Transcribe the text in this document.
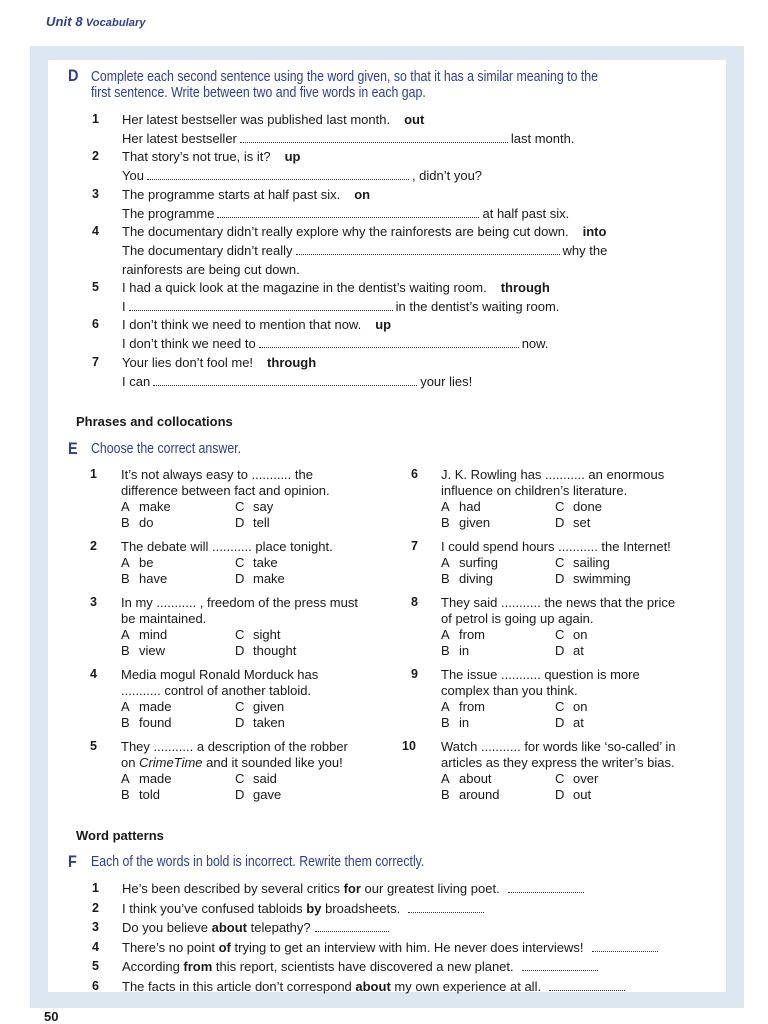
Unit 8 Vocabulary
D Complete each second sentence using the word given, so that it has a similar meaning to the
first sentence. Write between two and five words in each gap.
1 Her latest bestseller was published last month. out
Her latest bestseller	last month.
2 That story’s not true, is it? up
You	, didn’t you?
3 The programme starts at half past six. on
The programme	at half past six.
4 The documentary didn’t really explore why the rainforests are being cut down. into
The documentary didn’t really	why the
rainforests are being cut down.
5 I had a quick look at the magazine in the dentist’s waiting room. through
I	in the dentist’s waiting room.
6 I don’t think we need to mention that now. up
I don’t think we need to	now.
7 Your lies don’t fool me! through
I can	your lies!
Phrases and collocations
E Choose the correct answer.
1 It’s not always easy to ........... the
difference between fact and opinion.
A make	C say
B do	D tell
2 The debate will ........... place tonight.
A be	C take
B have	D make
3 In my ........... , freedom of the press must
be maintained.
A mind	C sight
B view	D thought
4 Media mogul Ronald Morduck has
........... control of another tabloid.
A made	C given
B found	D taken
5 They ........... a description of the robber
on CrimeTime and it sounded like you!
A made	C said
B told	D gave
6 J. K. Rowling has ........... an enormous
influence on children’s literature.
A had	C done
B given	D set
7 I could spend hours ........... the Internet!
A surfing	C sailing
B diving	D swimming
8 They said ........... the news that the price
of petrol is going up again.
A from	C on
B in	D at
9 The issue ........... question is more
complex than you think.
A from	C on
B in	D at
10 Watch ........... for words like ‘so-called’ in
articles as they express the writer’s bias.
A about	C over
B around	D out
Word patterns
F Each of the words in bold is incorrect. Rewrite them correctly.
1 He’s been described by several critics for our greatest living poet.
2 I think you’ve confused tabloids by broadsheets.
3 Do you believe about telepathy?
4 There’s no point of trying to get an interview with him. He never does interviews!
5 According from this report, scientists have discovered a new planet.
6 The facts in this article don’t correspond about my own experience at all.
50
